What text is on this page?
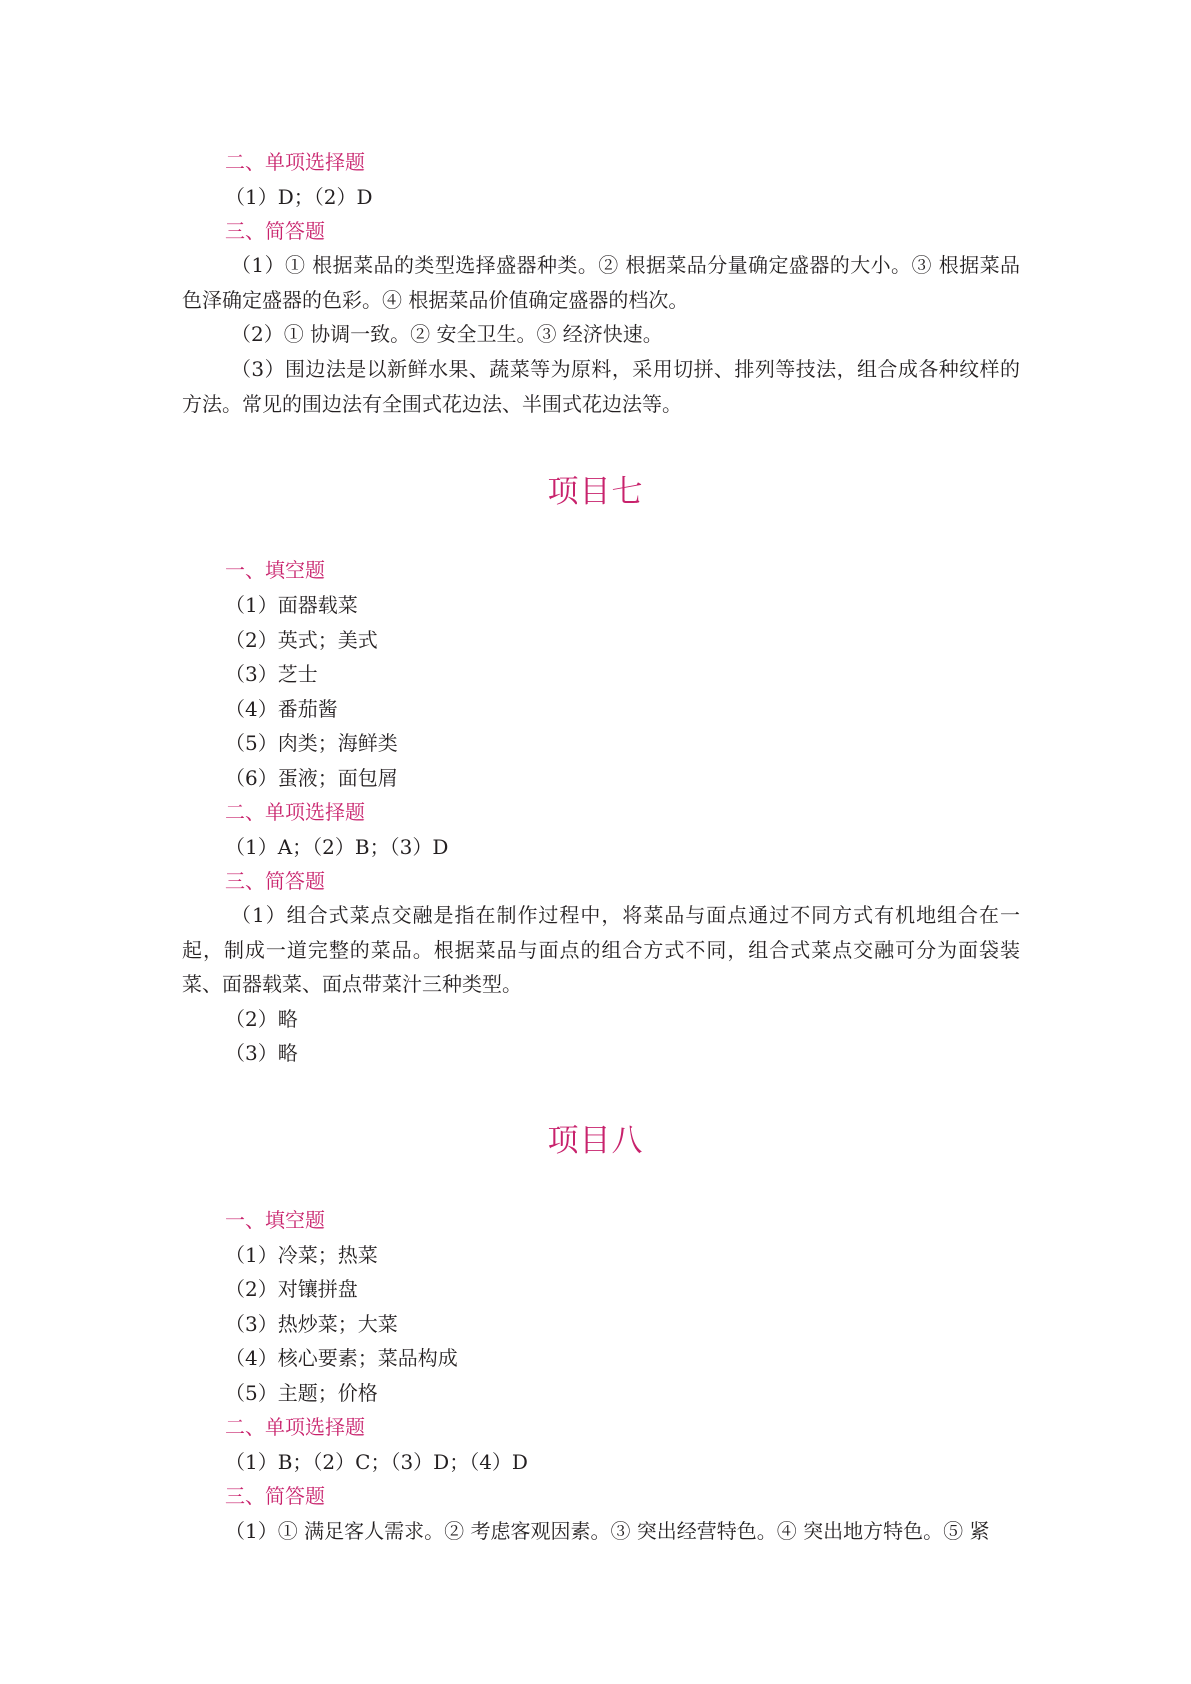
二、单项选择题
（1）D；（2）D
三、简答题
（1）① 根据菜品的类型选择盛器种类。② 根据菜品分量确定盛器的大小。③ 根据菜品色泽确定盛器的色彩。④ 根据菜品价值确定盛器的档次。
（2）① 协调一致。② 安全卫生。③ 经济快速。
（3）围边法是以新鲜水果、蔬菜等为原料，采用切拼、排列等技法，组合成各种纹样的方法。常见的围边法有全围式花边法、半围式花边法等。
项目七
一、填空题
（1）面器载菜
（2）英式；美式
（3）芝士
（4）番茄酱
（5）肉类；海鲜类
（6）蛋液；面包屑
二、单项选择题
（1）A；（2）B；（3）D
三、简答题
（1）组合式菜点交融是指在制作过程中，将菜品与面点通过不同方式有机地组合在一起，制成一道完整的菜品。根据菜品与面点的组合方式不同，组合式菜点交融可分为面袋装菜、面器载菜、面点带菜汁三种类型。
（2）略
（3）略
项目八
一、填空题
（1）冷菜；热菜
（2）对镶拼盘
（3）热炒菜；大菜
（4）核心要素；菜品构成
（5）主题；价格
二、单项选择题
（1）B；（2）C；（3）D；（4）D
三、简答题
（1）① 满足客人需求。② 考虑客观因素。③ 突出经营特色。④ 突出地方特色。⑤ 紧
